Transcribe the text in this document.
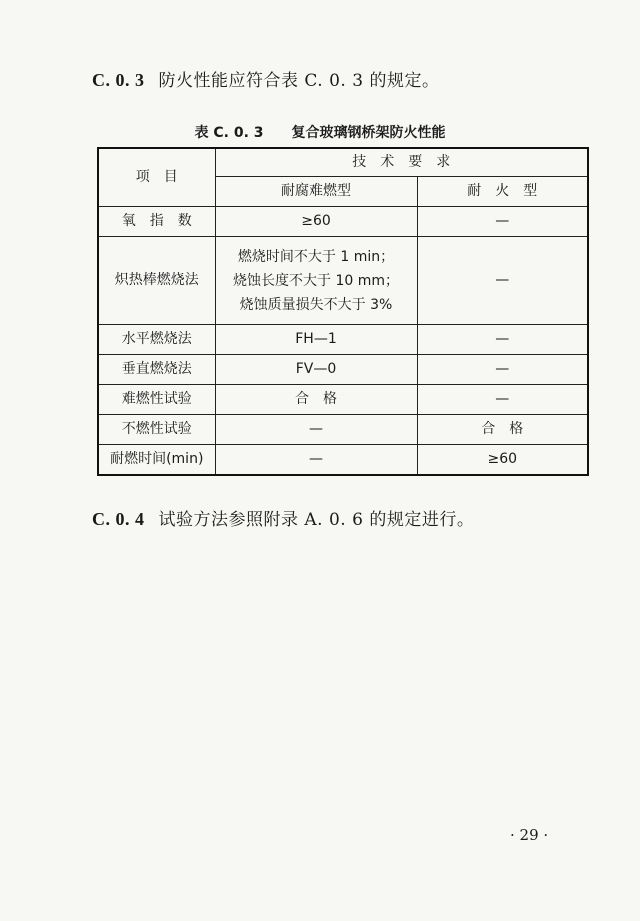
C. 0. 3 防火性能应符合表 C. 0. 3 的规定。
表 C. 0. 3 复合玻璃钢桥架防火性能
项　目	技　术　要　求	
	耐腐难燃型	耐　火　型
氧　指　数	≥60	—
炽热棒燃烧法	燃烧时间不大于 1 min；
烧蚀长度不大于 10 mm；
烧蚀质量损失不大于 3%	—
水平燃烧法	FH—1	—
垂直燃烧法	FV—0	—
难燃性试验	合　格	—
不燃性试验	—	合　格
耐燃时间(min)	—	≥60
C. 0. 4 试验方法参照附录 A. 0. 6 的规定进行。
· 29 ·
